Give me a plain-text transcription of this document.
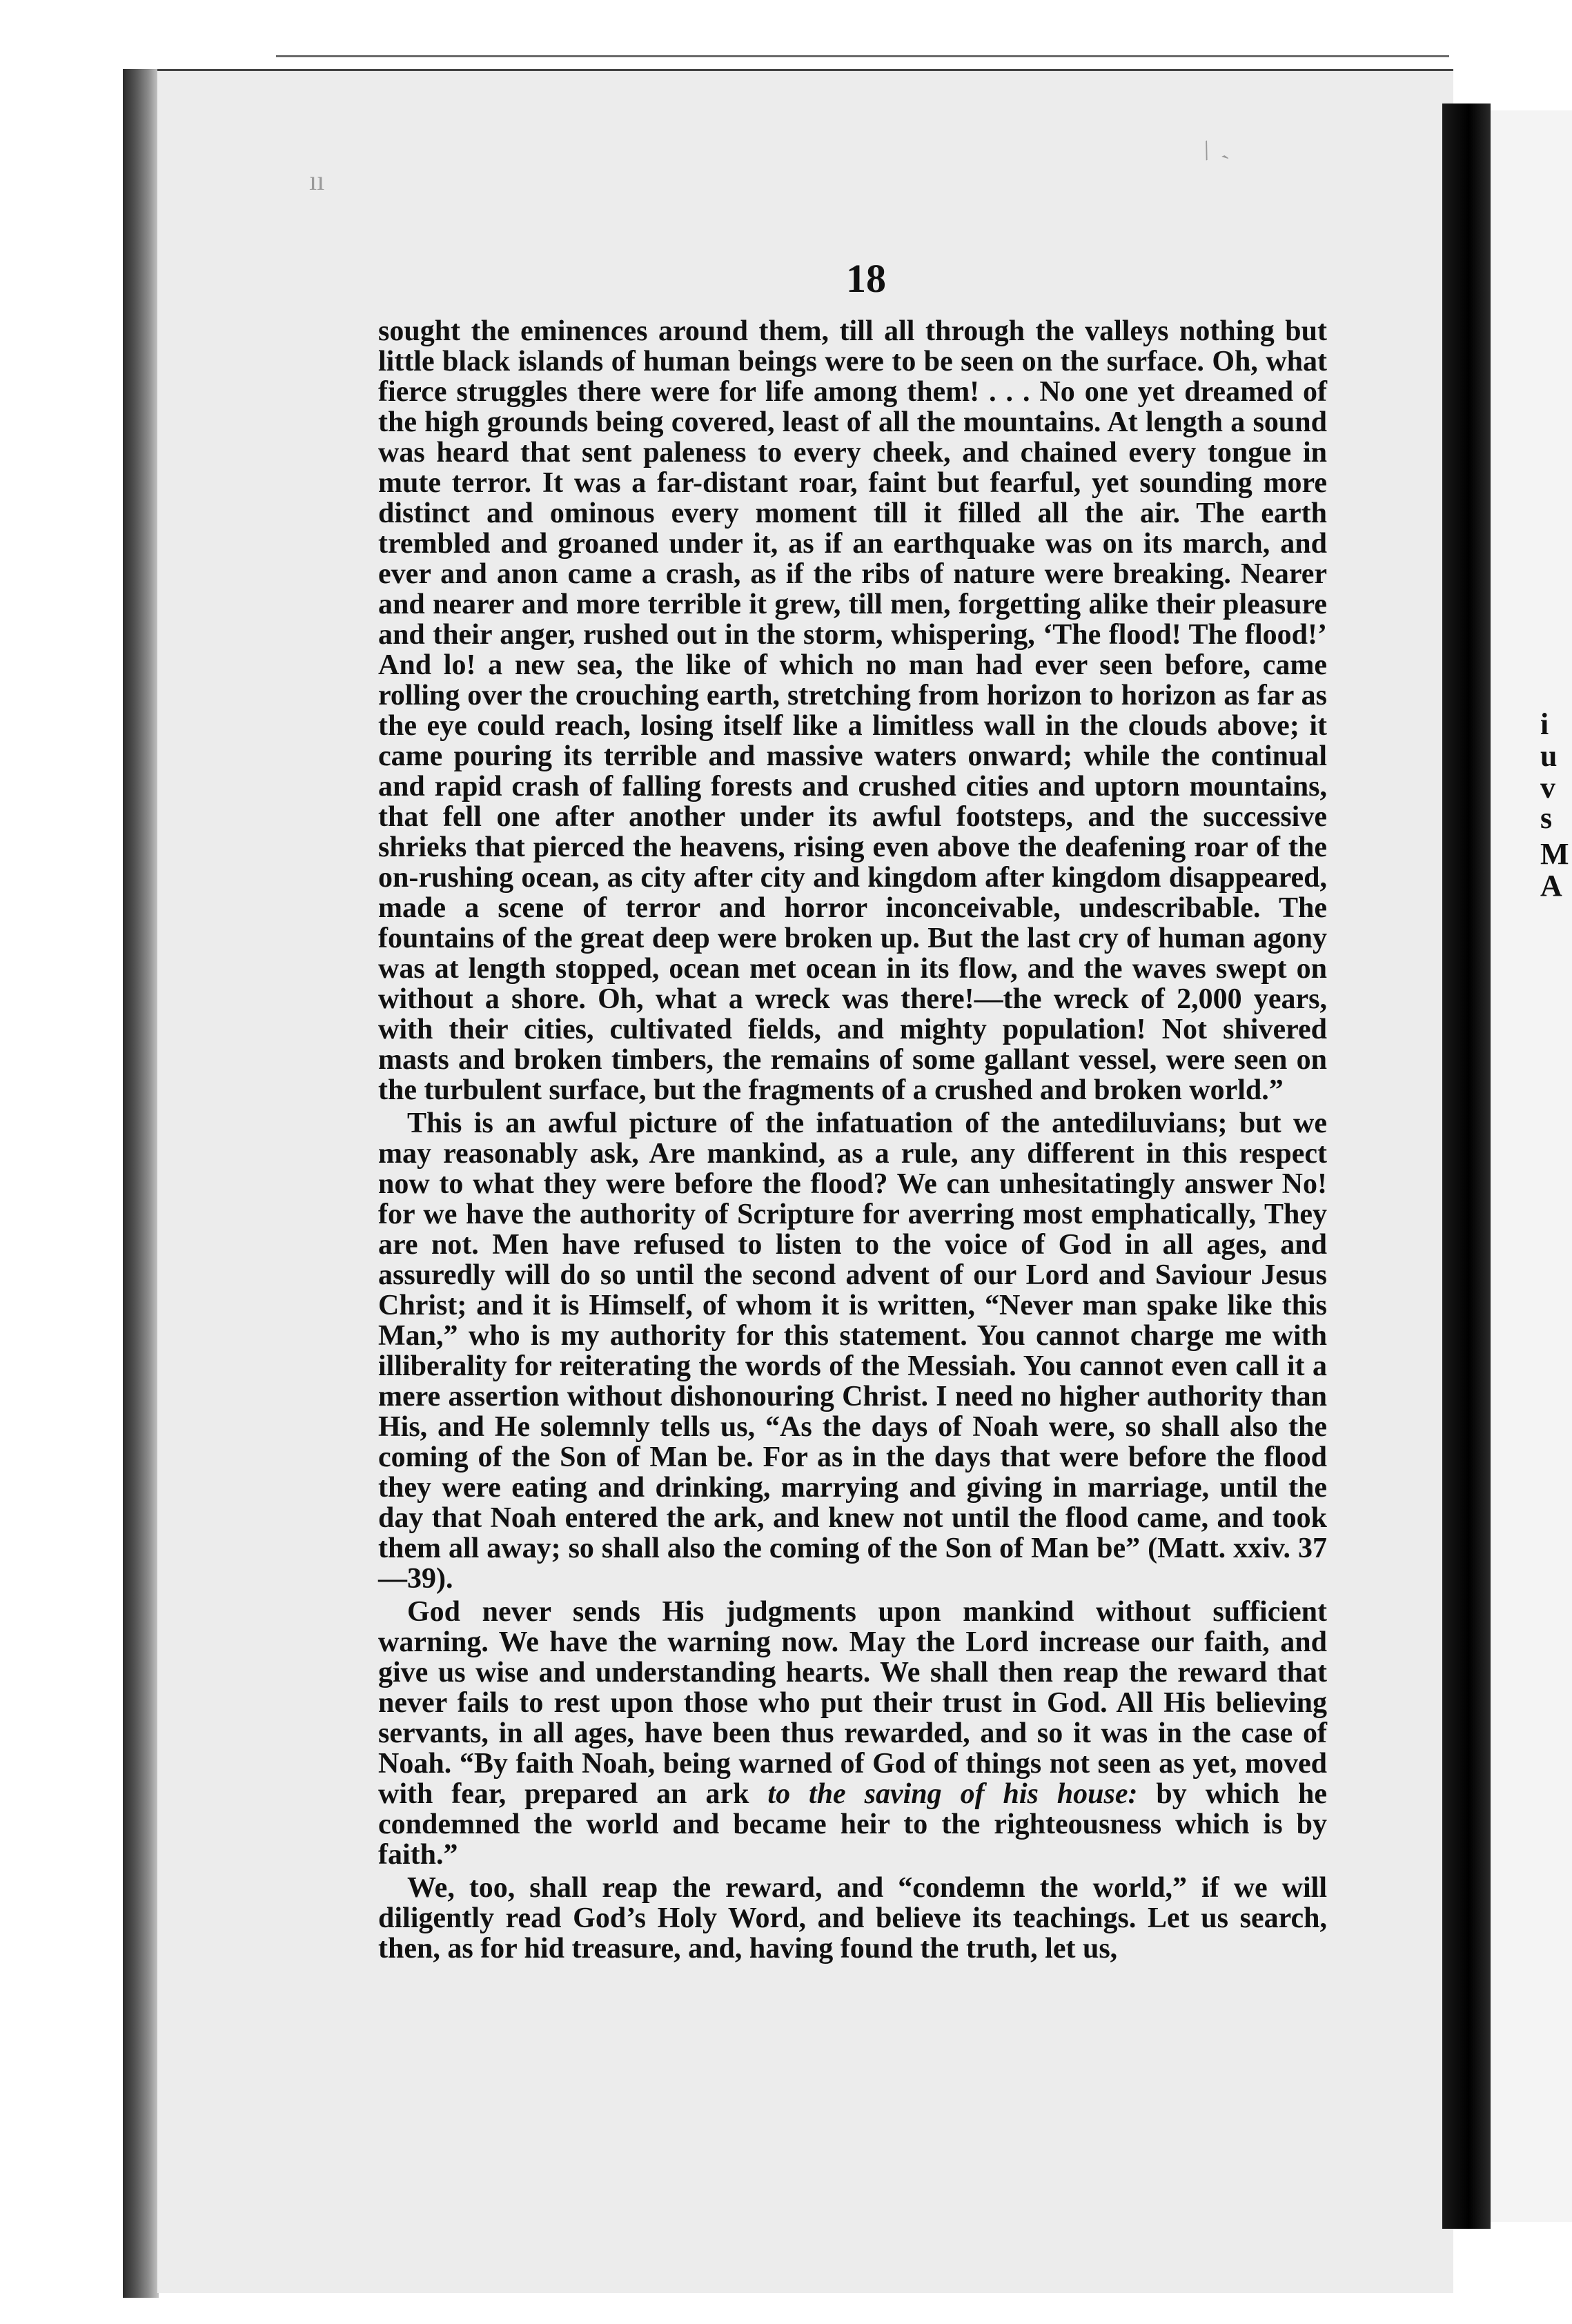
ıı
/ ˎ
18

sought the eminences around them, till all through the valleys nothing but little black islands of human beings were to be seen on the surface. Oh, what fierce struggles there were for life among them! . . . No one yet dreamed of the high grounds being covered, least of all the mountains. At length a sound was heard that sent paleness to every cheek, and chained every tongue in mute terror. It was a far-distant roar, faint but fearful, yet sounding more distinct and ominous every moment till it filled all the air. The earth trembled and groaned under it, as if an earthquake was on its march, and ever and anon came a crash, as if the ribs of nature were breaking. Nearer and nearer and more terrible it grew, till men, forgetting alike their pleasure and their anger, rushed out in the storm, whispering, ‘The flood! The flood!’ And lo! a new sea, the like of which no man had ever seen before, came rolling over the crouching earth, stretching from horizon to horizon as far as the eye could reach, losing itself like a limitless wall in the clouds above; it came pouring its terrible and massive waters onward; while the continual and rapid crash of falling forests and crushed cities and uptorn mountains, that fell one after another under its awful footsteps, and the successive shrieks that pierced the heavens, rising even above the deafening roar of the on-rushing ocean, as city after city and kingdom after kingdom disappeared, made a scene of terror and horror inconceivable, undescribable. The fountains of the great deep were broken up. But the last cry of human agony was at length stopped, ocean met ocean in its flow, and the waves swept on without a shore. Oh, what a wreck was there!—the wreck of 2,000 years, with their cities, cultivated fields, and mighty population! Not shivered masts and broken timbers, the remains of some gallant vessel, were seen on the turbulent surface, but the fragments of a crushed and broken world.”

This is an awful picture of the infatuation of the antediluvians; but we may reasonably ask, Are mankind, as a rule, any different in this respect now to what they were before the flood? We can unhesitatingly answer No! for we have the authority of Scripture for averring most emphatically, They are not. Men have refused to listen to the voice of God in all ages, and assuredly will do so until the second advent of our Lord and Saviour Jesus Christ; and it is Himself, of whom it is written, “Never man spake like this Man,” who is my authority for this statement. You cannot charge me with illiberality for reiterating the words of the Messiah. You cannot even call it a mere assertion without dishonouring Christ. I need no higher authority than His, and He solemnly tells us, “As the days of Noah were, so shall also the coming of the Son of Man be. For as in the days that were before the flood they were eating and drinking, marrying and giving in marriage, until the day that Noah entered the ark, and knew not until the flood came, and took them all away; so shall also the coming of the Son of Man be” (Matt. xxiv. 37—39).

God never sends His judgments upon mankind without sufficient warning. We have the warning now. May the Lord increase our faith, and give us wise and understanding hearts. We shall then reap the reward that never fails to rest upon those who put their trust in God. All His believing servants, in all ages, have been thus rewarded, and so it was in the case of Noah. “By faith Noah, being warned of God of things not seen as yet, moved with fear, prepared an ark to the saving of his house: by which he condemned the world and became heir to the righteousness which is by faith.”

We, too, shall reap the reward, and “condemn the world,” if we will diligently read God’s Holy Word, and believe its teachings. Let us search, then, as for hid treasure, and, having found the truth, let us,

i
u
v
s
M
A
